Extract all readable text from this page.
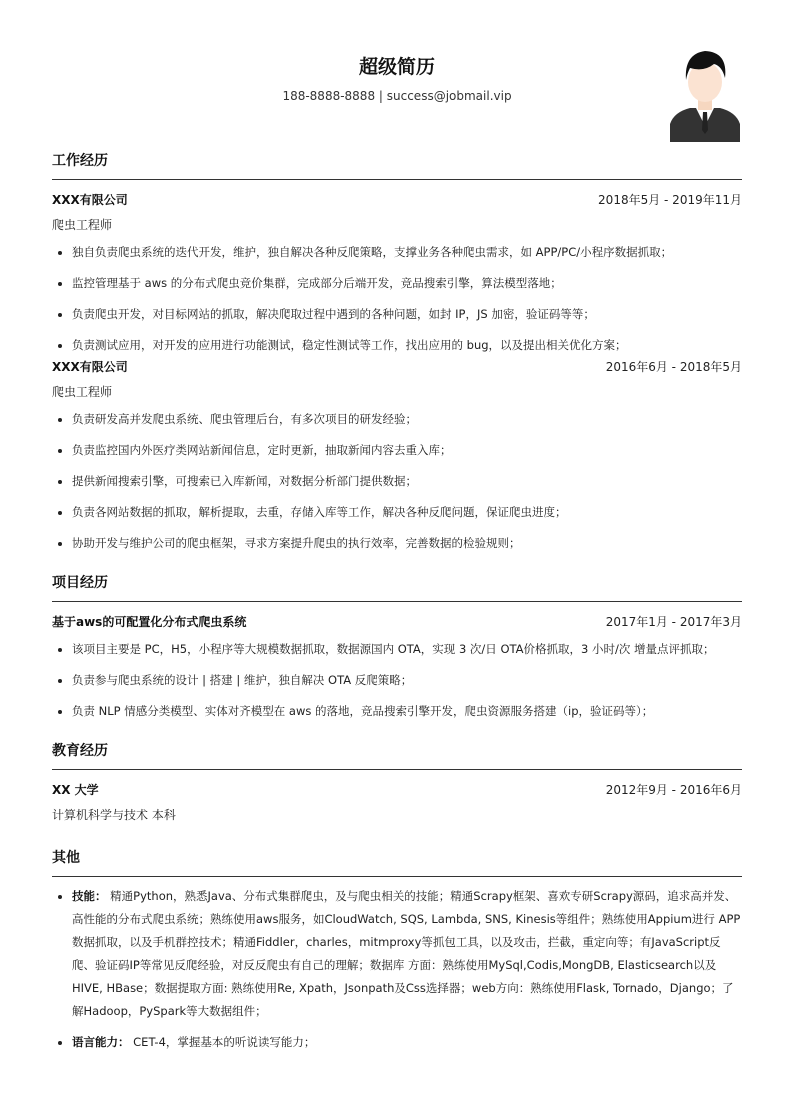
超级简历
188-8888-8888 | success@jobmail.vip
工作经历
XXX有限公司	2018年5月 - 2019年11月
爬虫工程师
• 独自负责爬虫系统的迭代开发，维护，独自解决各种反爬策略，支撑业务各种爬虫需求，如 APP/PC/小程序数据抓取；
• 监控管理基于 aws 的分布式爬虫竞价集群，完成部分后端开发，竞品搜索引擎，算法模型落地；
• 负责爬虫开发，对目标网站的抓取，解决爬取过程中遇到的各种问题，如封 IP，JS 加密，验证码等等；
• 负责测试应用，对开发的应用进行功能测试，稳定性测试等工作，找出应用的 bug，以及提出相关优化方案；
XXX有限公司	2016年6月 - 2018年5月
爬虫工程师
• 负责研发高并发爬虫系统、爬虫管理后台，有多次项目的研发经验；
• 负责监控国内外医疗类网站新闻信息，定时更新，抽取新闻内容去重入库；
• 提供新闻搜索引擎，可搜索已入库新闻，对数据分析部门提供数据；
• 负责各网站数据的抓取，解析提取，去重，存储入库等工作，解决各种反爬问题，保证爬虫进度；
• 协助开发与维护公司的爬虫框架，寻求方案提升爬虫的执行效率，完善数据的检验规则；
项目经历
基于aws的可配置化分布式爬虫系统	2017年1月 - 2017年3月
• 该项目主要是 PC，H5，小程序等大规模数据抓取，数据源国内 OTA，实现 3 次/日 OTA价格抓取，3 小时/次 增量点评抓取；
• 负责参与爬虫系统的设计 | 搭建 | 维护，独自解决 OTA 反爬策略；
• 负责 NLP 情感分类模型、实体对齐模型在 aws 的落地，竞品搜索引擎开发，爬虫资源服务搭建（ip，验证码等）；
教育经历
XX 大学	2012年9月 - 2016年6月
计算机科学与技术 本科
其他
• 技能： 精通Python，熟悉Java、分布式集群爬虫，及与爬虫相关的技能；精通Scrapy框架、喜欢专研Scrapy源码，追求高并发、高性能的分布式爬虫系统；熟练使用aws服务，如CloudWatch, SQS, Lambda, SNS, Kinesis等组件；熟练使用Appium进行 APP 数据抓取，以及手机群控技术；精通Fiddler，charles，mitmproxy等抓包工具，以及攻击，拦截，重定向等；有JavaScript反爬、验证码IP等常见反爬经验，对反反爬虫有自己的理解；数据库 方面：熟练使用MySql,Codis,MongDB, Elasticsearch以及HIVE, HBase；数据提取方面: 熟练使用Re, Xpath，Jsonpath及Css选择器；web方向：熟练使用Flask, Tornado，Django；了解Hadoop，PySpark等大数据组件；
• 语言能力： CET-4，掌握基本的听说读写能力；
